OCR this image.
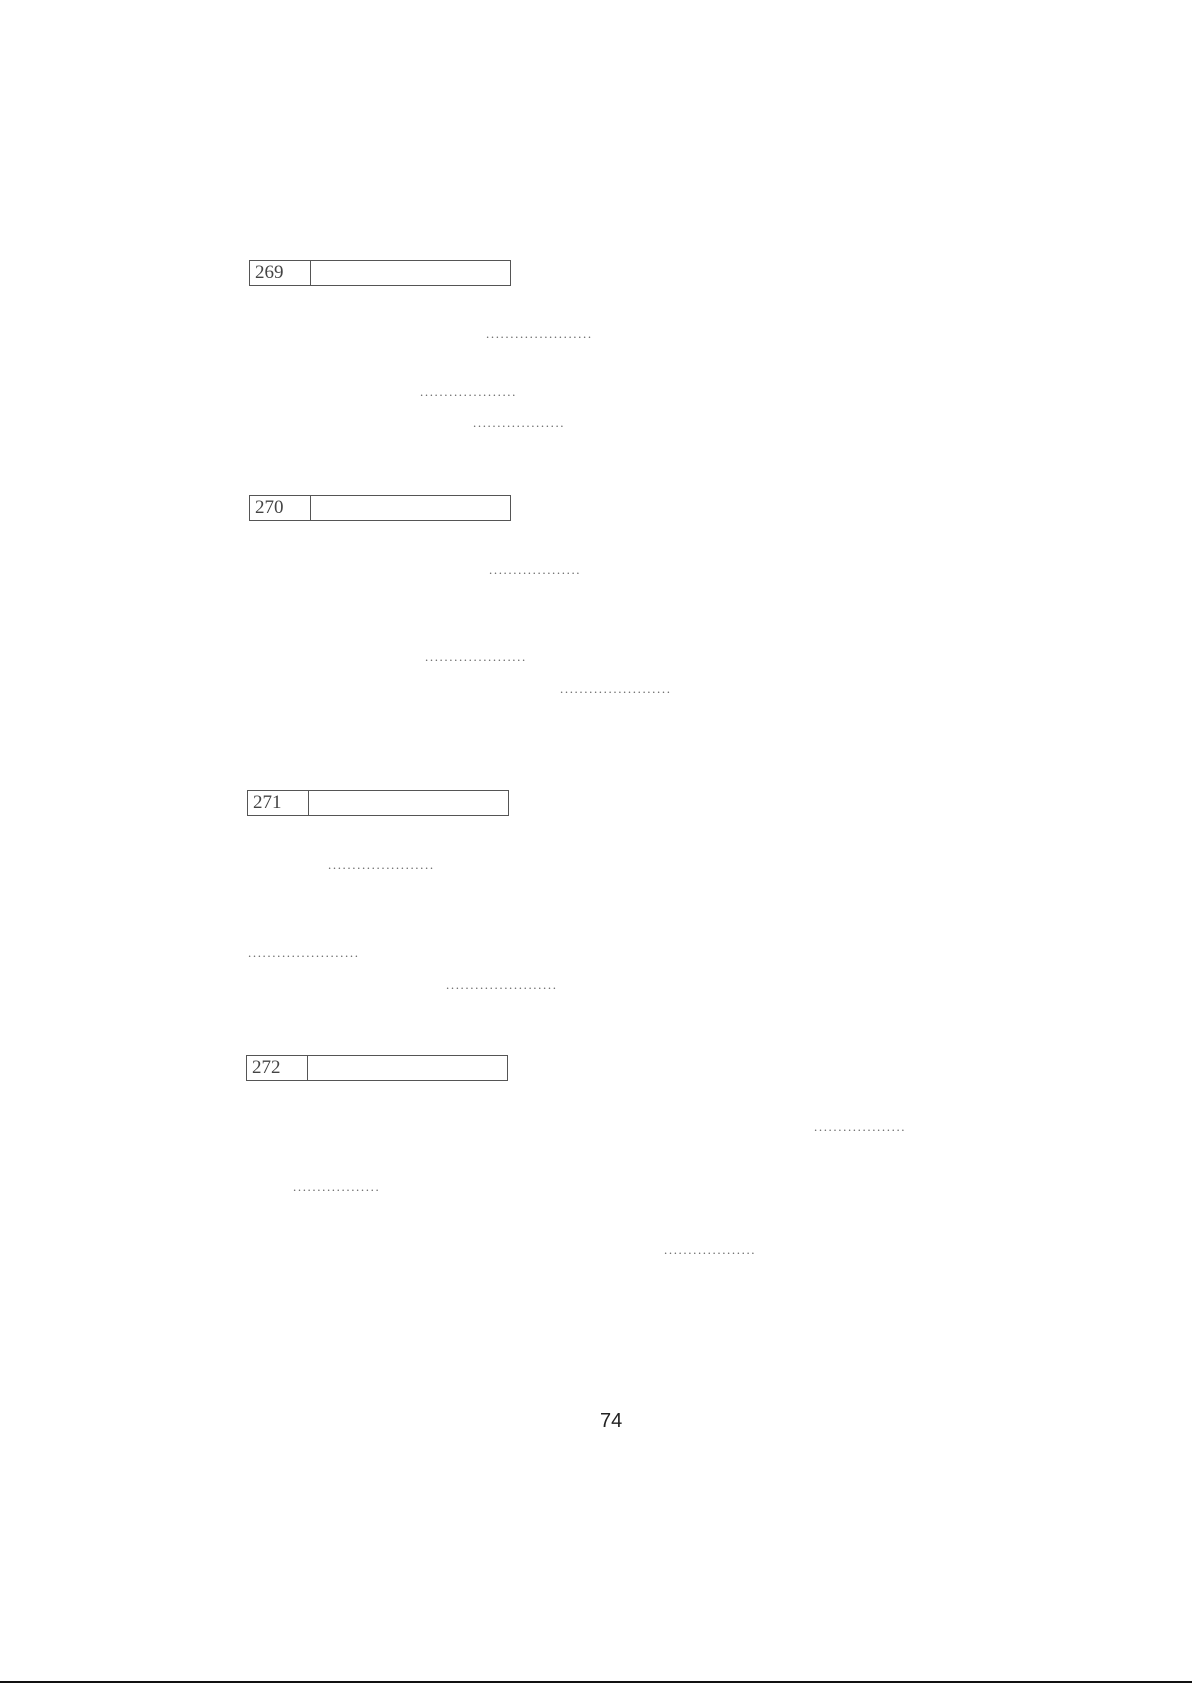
269
......................
....................
...................
270
...................
.....................
.......................
271
......................
.......................
.......................
272
...................
..................
...................
74
